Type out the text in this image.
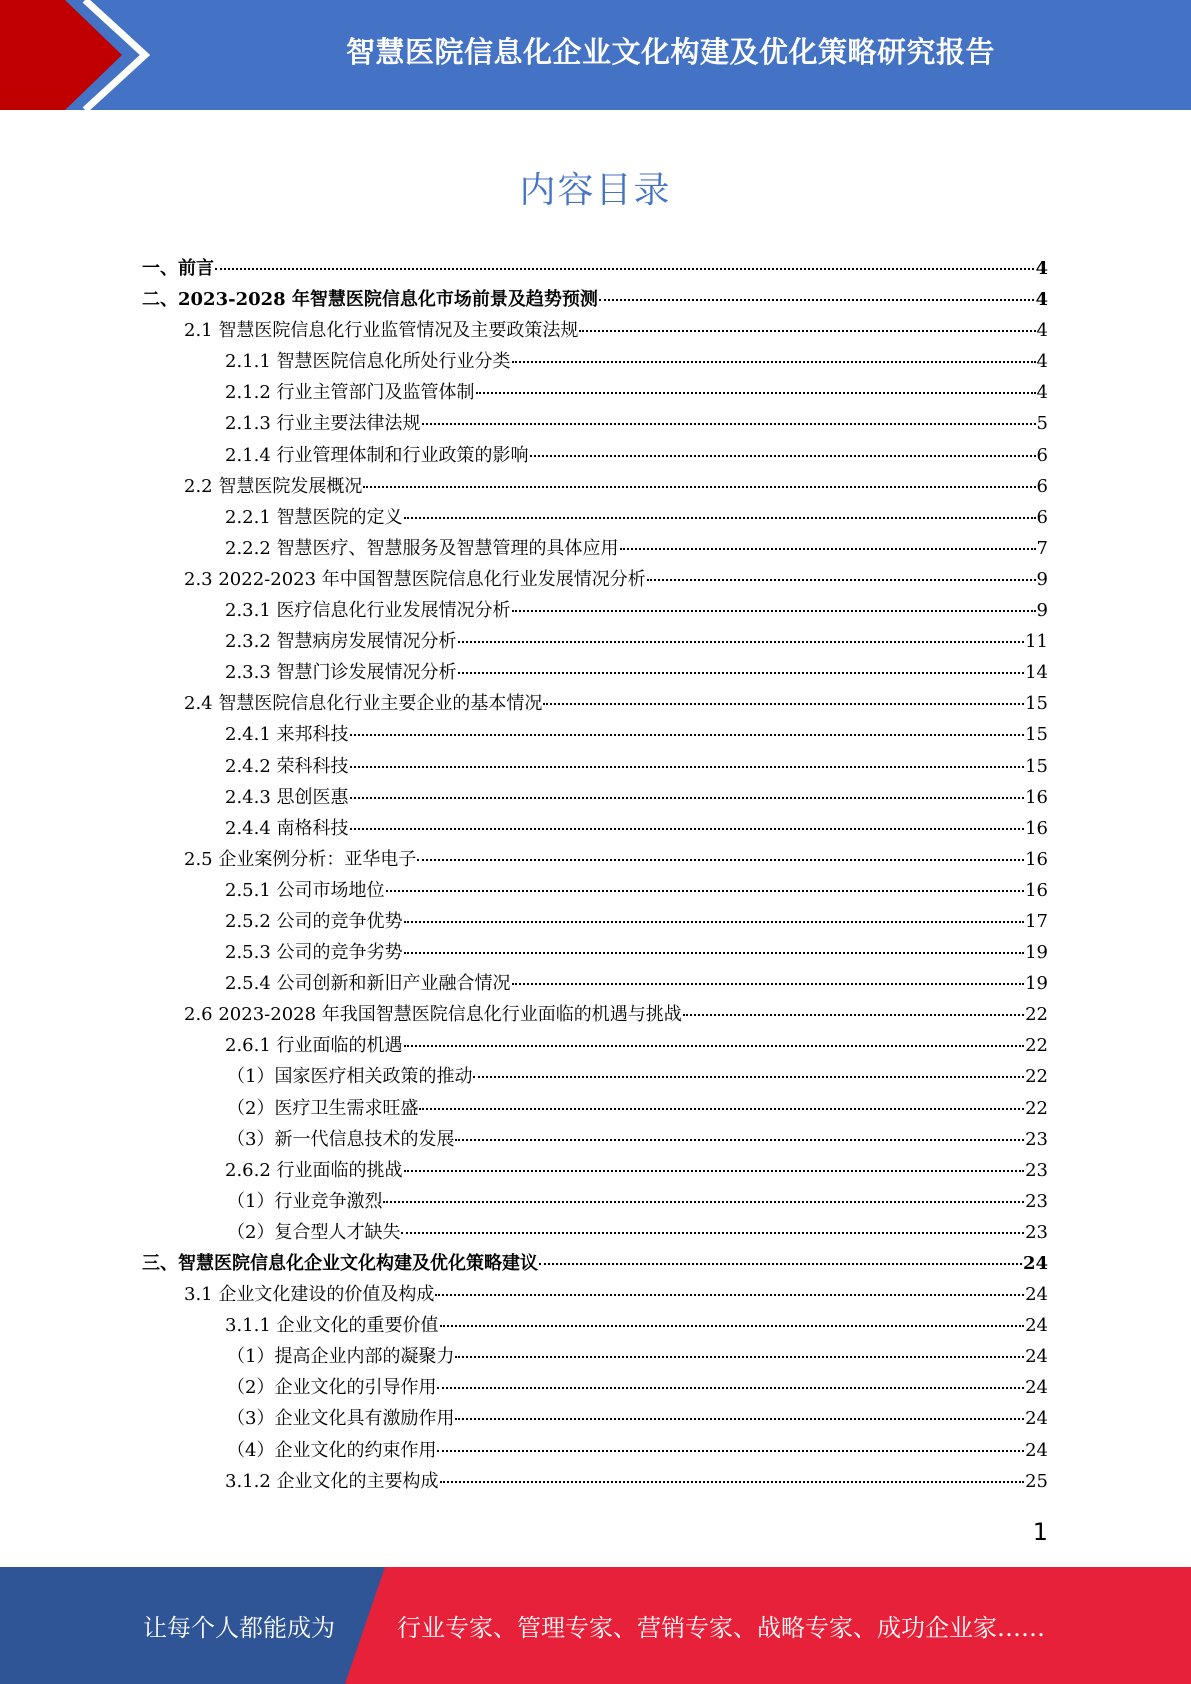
智慧医院信息化企业文化构建及优化策略研究报告
内容目录
一、前言	4
二、2023-2028 年智慧医院信息化市场前景及趋势预测	4
2.1 智慧医院信息化行业监管情况及主要政策法规	4
2.1.1 智慧医院信息化所处行业分类	4
2.1.2 行业主管部门及监管体制	4
2.1.3 行业主要法律法规	5
2.1.4 行业管理体制和行业政策的影响	6
2.2 智慧医院发展概况	6
2.2.1 智慧医院的定义	6
2.2.2 智慧医疗、智慧服务及智慧管理的具体应用	7
2.3 2022-2023 年中国智慧医院信息化行业发展情况分析	9
2.3.1 医疗信息化行业发展情况分析	9
2.3.2 智慧病房发展情况分析	11
2.3.3 智慧门诊发展情况分析	14
2.4 智慧医院信息化行业主要企业的基本情况	15
2.4.1 来邦科技	15
2.4.2 荣科科技	15
2.4.3 思创医惠	16
2.4.4 南格科技	16
2.5 企业案例分析：亚华电子	16
2.5.1 公司市场地位	16
2.5.2 公司的竞争优势	17
2.5.3 公司的竞争劣势	19
2.5.4 公司创新和新旧产业融合情况	19
2.6 2023-2028 年我国智慧医院信息化行业面临的机遇与挑战	22
2.6.1 行业面临的机遇	22
（1）国家医疗相关政策的推动	22
（2）医疗卫生需求旺盛	22
（3）新一代信息技术的发展	23
2.6.2 行业面临的挑战	23
（1）行业竞争激烈	23
（2）复合型人才缺失	23
三、智慧医院信息化企业文化构建及优化策略建议	24
3.1 企业文化建设的价值及构成	24
3.1.1 企业文化的重要价值	24
（1）提高企业内部的凝聚力	24
（2）企业文化的引导作用	24
（3）企业文化具有激励作用	24
（4）企业文化的约束作用	24
3.1.2 企业文化的主要构成	25
1
让每个人都能成为	行业专家、管理专家、营销专家、战略专家、成功企业家……
